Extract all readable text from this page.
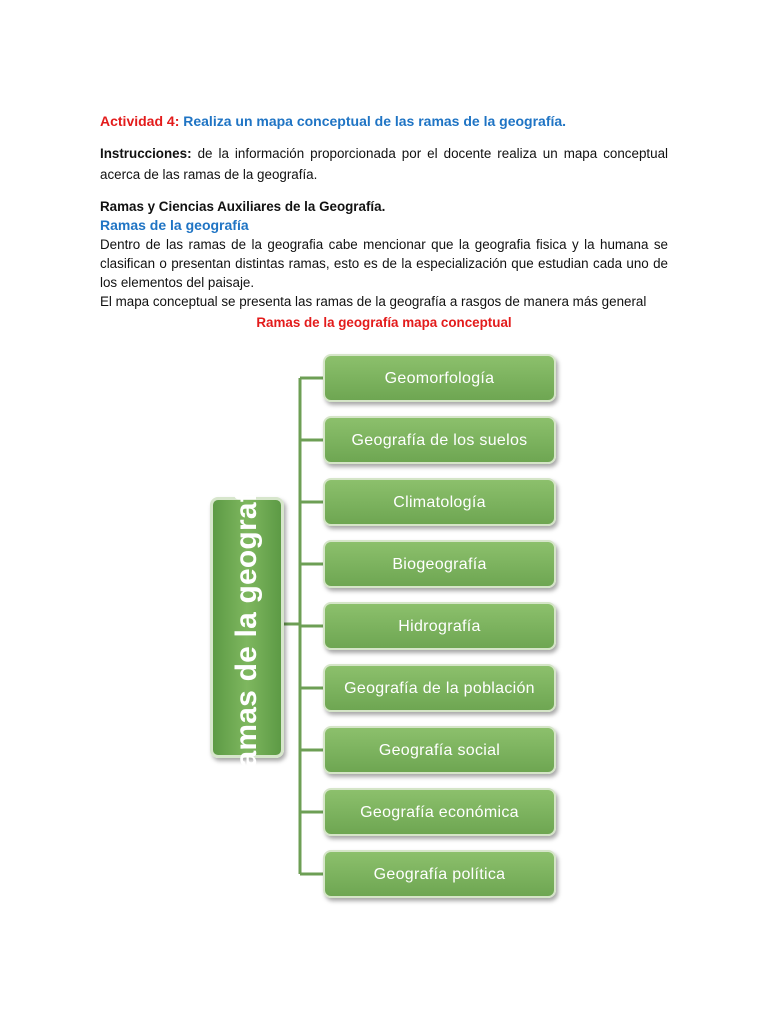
Actividad 4: Realiza un mapa conceptual de las ramas de la geografía.

Instrucciones: de la información proporcionada por el docente realiza un mapa conceptual acerca de las ramas de la geografía.

Ramas y Ciencias Auxiliares de la Geografía.

Ramas de la geografía

Dentro de las ramas de la geografia cabe mencionar que la geografia fisica y la humana se clasifican o presentan distintas ramas, esto es de la especialización que estudian cada uno de los elementos del paisaje.

El mapa conceptual se presenta las ramas de la geografía a rasgos de manera más general

Ramas de la geografía mapa conceptual

Ramas de la geografía
Geomorfología
Geografía de los suelos
Climatología
Biogeografía
Hidrografía
Geografía de la población
Geografía social
Geografía económica
Geografía política
